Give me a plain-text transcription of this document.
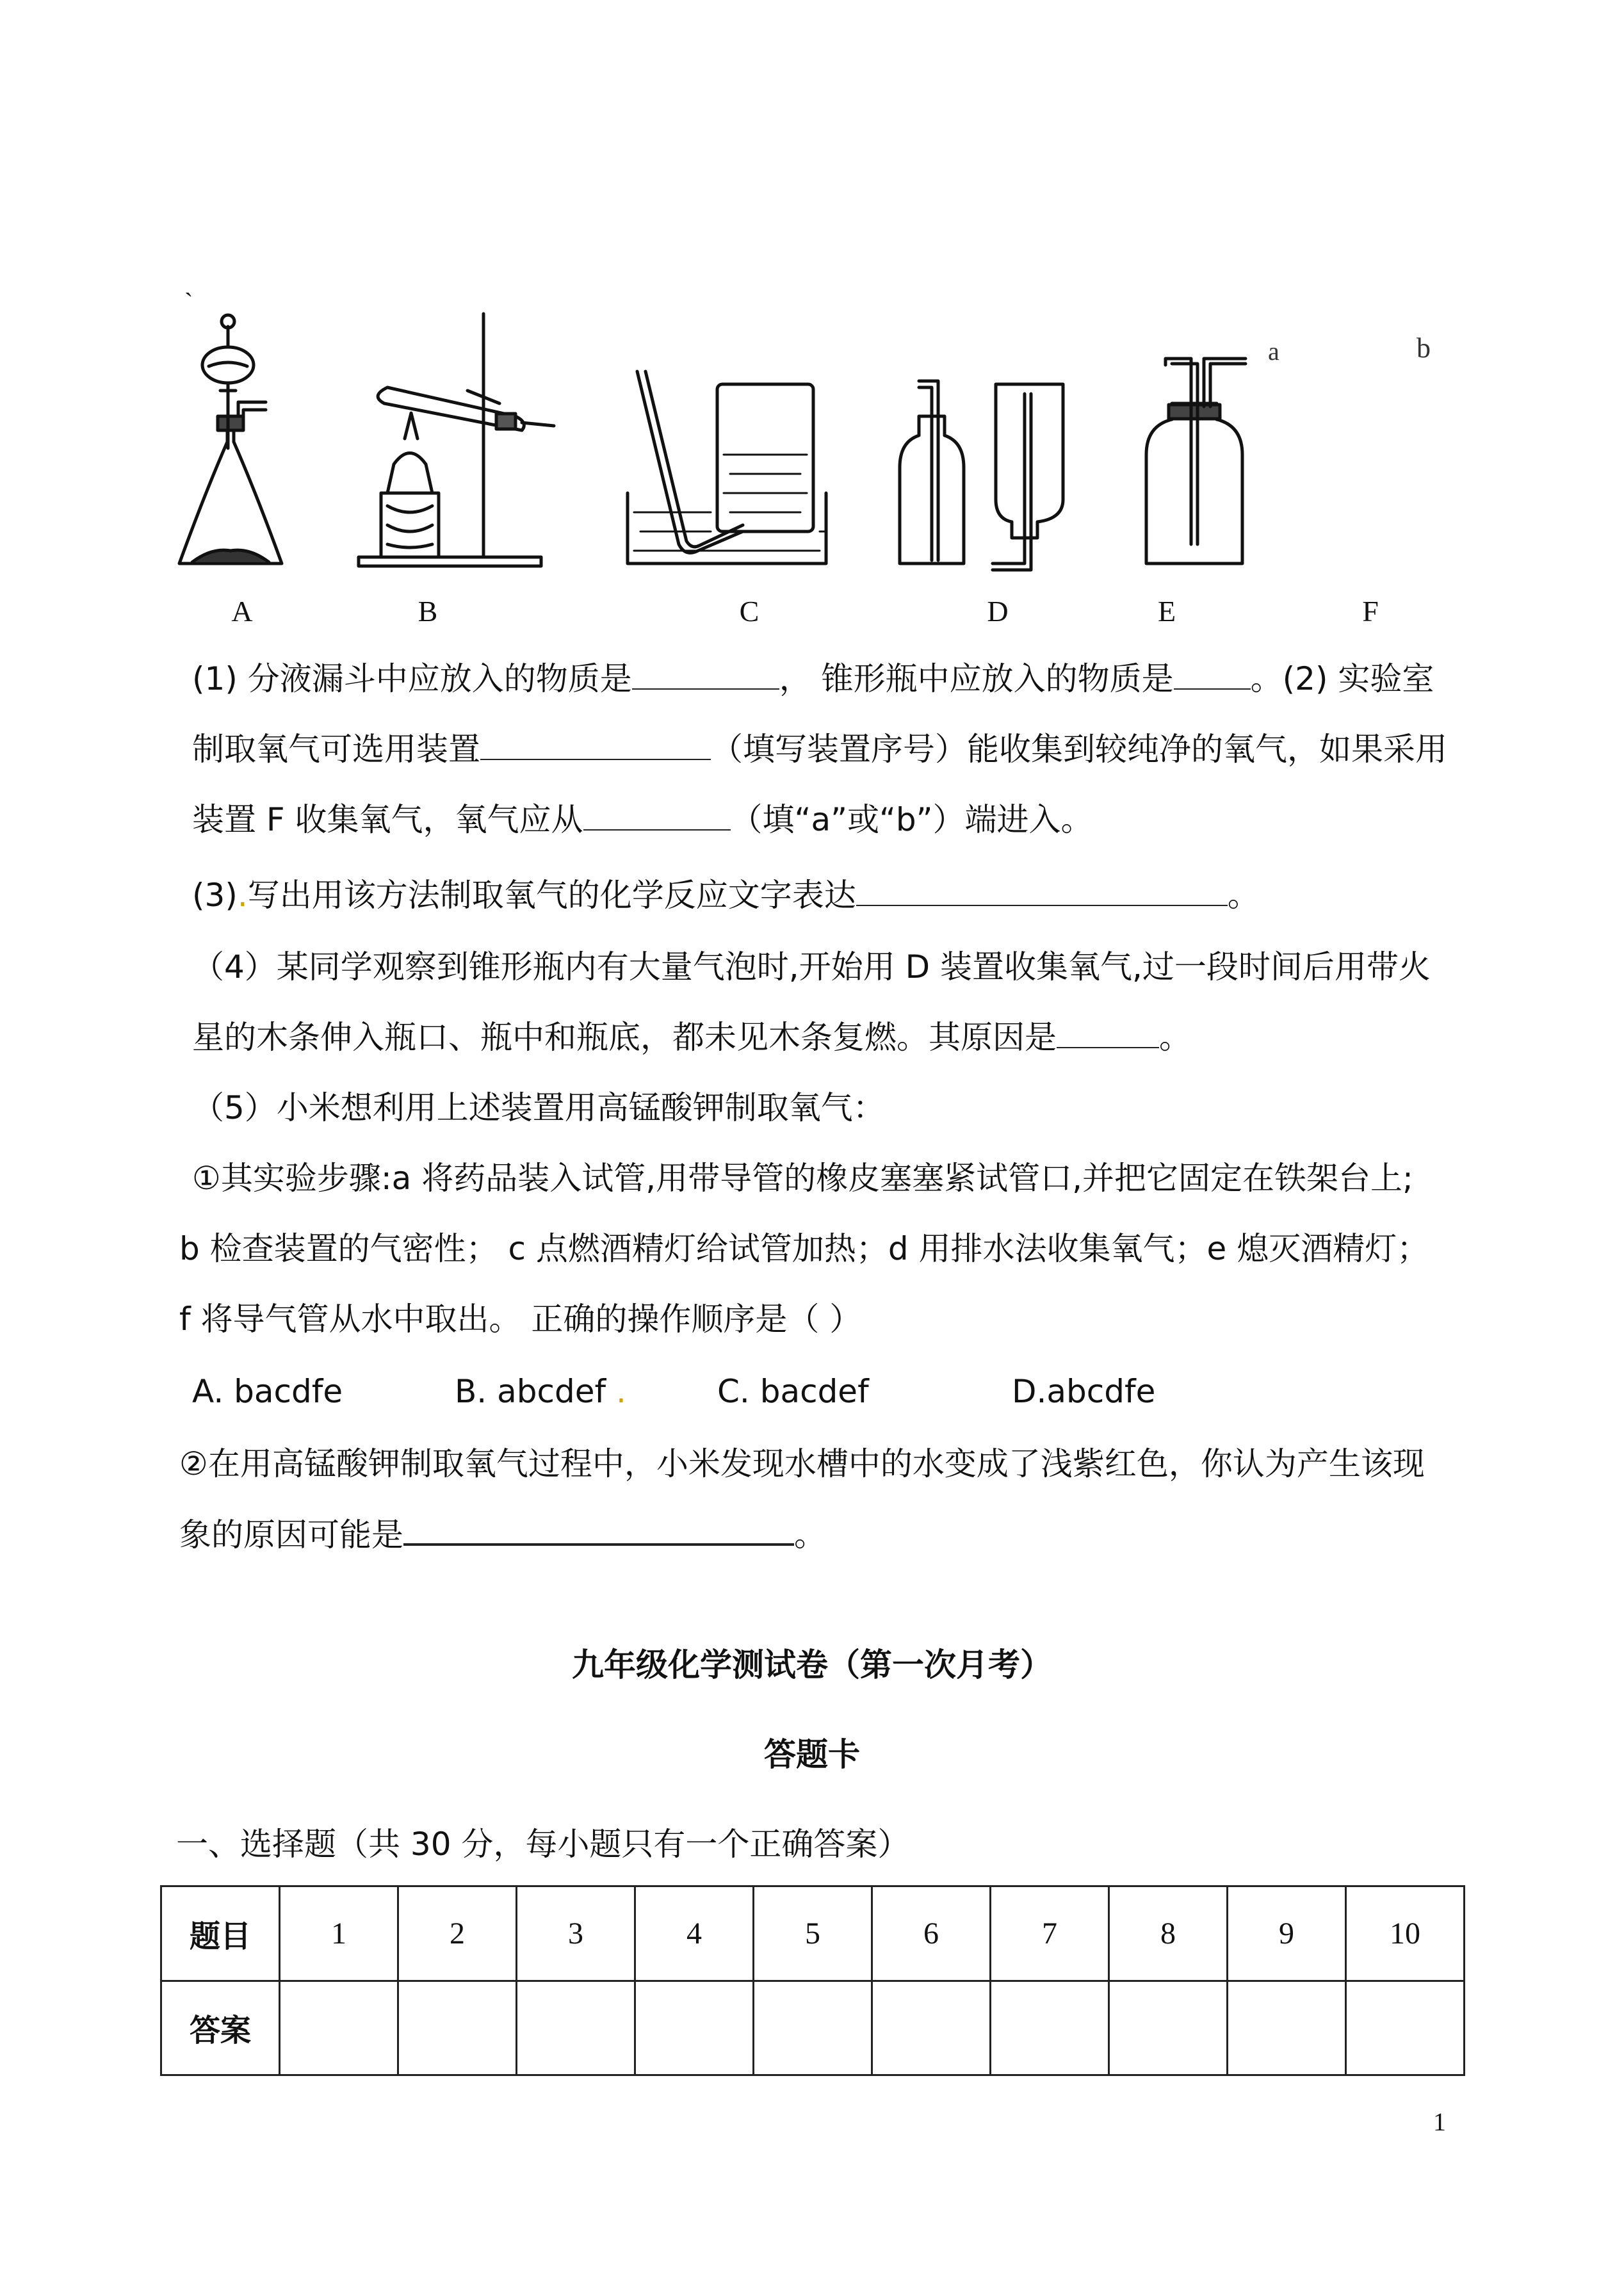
a	b
`
A	B	C	D	E	F
(1) 分液漏斗中应放入的物质是	， 锥形瓶中应放入的物质是 。(2) 实验室
制取氧气可选用装置	（填写装置序号）能收集到较纯净的氧气，如果采用
装置 F 收集氧气，氧气应从	（填“a”或“b”）端进入。
(3).写出用该方法制取氧气的化学反应文字表达	。
（4）某同学观察到锥形瓶内有大量气泡时,开始用 D 装置收集氧气,过一段时间后用带火
星的木条伸入瓶口、瓶中和瓶底，都未见木条复燃。其原因是	。
（5）小米想利用上述装置用高锰酸钾制取氧气：
①其实验步骤:a 将药品装入试管,用带导管的橡皮塞塞紧试管口,并把它固定在铁架台上;
b 检查装置的气密性； c 点燃酒精灯给试管加热；d 用排水法收集氧气；e 熄灭酒精灯；
f 将导气管从水中取出。 正确的操作顺序是（ ）
A. bacdfe	B. abcdef .	C. bacdef	D.abcdfe
②在用高锰酸钾制取氧气过程中，小米发现水槽中的水变成了浅紫红色，你认为产生该现
象的原因可能是	。
九年级化学测试卷（第一次月考）
答题卡
一、选择题（共 30 分，每小题只有一个正确答案）
题目	1	2	3	4	5	6	7	8	9	10
答案										
1
